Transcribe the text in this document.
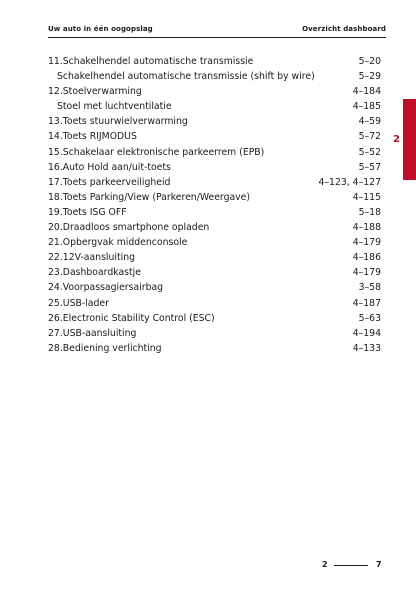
Uw auto in één oogopslag	Overzicht dashboard
2
11.Schakelhendel automatische transmissie	5–20
Schakelhendel automatische transmissie (shift by wire)	5–29
12.Stoelverwarming	4–184
Stoel met luchtventilatie	4–185
13.Toets stuurwielverwarming	4–59
14.Toets RIJMODUS	5–72
15.Schakelaar elektronische parkeerrem (EPB)	5–52
16.Auto Hold aan/uit-toets	5–57
17.Toets parkeerveiligheid	4–123, 4–127
18.Toets Parking/View (Parkeren/Weergave)	4–115
19.Toets ISG OFF	5–18
20.Draadloos smartphone opladen	4–188
21.Opbergvak middenconsole	4–179
22.12V-aansluiting	4–186
23.Dashboardkastje	4–179
24.Voorpassagiersairbag	3–58
25.USB-lader	4–187
26.Electronic Stability Control (ESC)	5–63
27.USB-aansluiting	4–194
28.Bediening verlichting	4–133
2	7
